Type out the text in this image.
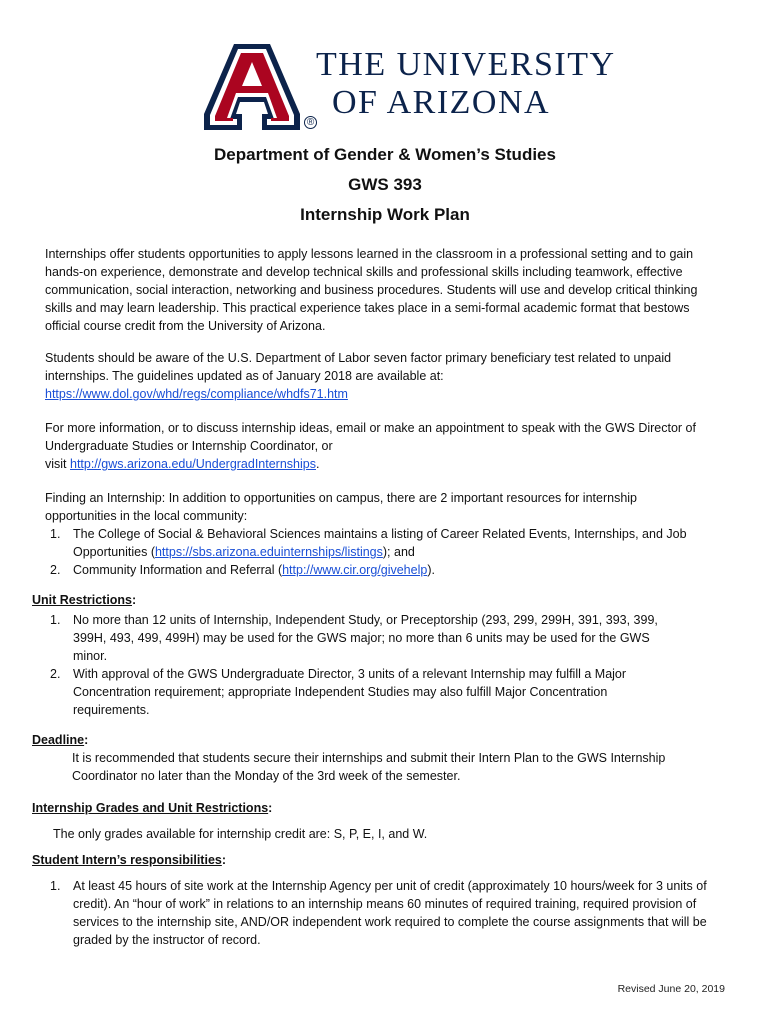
®
THE UNIVERSITY
OF ARIZONA
Department of Gender & Women’s Studies
GWS 393
Internship Work Plan
Internships offer students opportunities to apply lessons learned in the classroom in a professional setting and to gain hands-on experience, demonstrate and develop technical skills and professional skills including teamwork, effective communication, social interaction, networking and business procedures. Students will use and develop critical thinking skills and may learn leadership. This practical experience takes place in a semi-formal academic format that bestows official course credit from the University of Arizona.
Students should be aware of the U.S. Department of Labor seven factor primary beneficiary test related to unpaid internships. The guidelines updated as of January 2018 are available at:
https://www.dol.gov/whd/regs/compliance/whdfs71.htm
For more information, or to discuss internship ideas, email or make an appointment to speak with the GWS Director of Undergraduate Studies or Internship Coordinator, or
visit http://gws.arizona.edu/UndergradInternships.
Finding an Internship: In addition to opportunities on campus, there are 2 important resources for internship opportunities in the local community:
1. The College of Social & Behavioral Sciences maintains a listing of Career Related Events, Internships, and Job Opportunities (https://sbs.arizona.eduinternships/listings); and
2. Community Information and Referral (http://www.cir.org/givehelp).
Unit Restrictions:
1. No more than 12 units of Internship, Independent Study, or Preceptorship (293, 299, 299H, 391, 393, 399, 399H, 493, 499, 499H) may be used for the GWS major; no more than 6 units may be used for the GWS minor.
2. With approval of the GWS Undergraduate Director, 3 units of a relevant Internship may fulfill a Major Concentration requirement; appropriate Independent Studies may also fulfill Major Concentration requirements.
Deadline:
It is recommended that students secure their internships and submit their Intern Plan to the GWS Internship Coordinator no later than the Monday of the 3rd week of the semester.
Internship Grades and Unit Restrictions:
The only grades available for internship credit are: S, P, E, I, and W.
Student Intern’s responsibilities:
1. At least 45 hours of site work at the Internship Agency per unit of credit (approximately 10 hours/week for 3 units of credit). An “hour of work” in relations to an internship means 60 minutes of required training, required provision of services to the internship site, AND/OR independent work required to complete the course assignments that will be graded by the instructor of record.
Revised June 20, 2019
